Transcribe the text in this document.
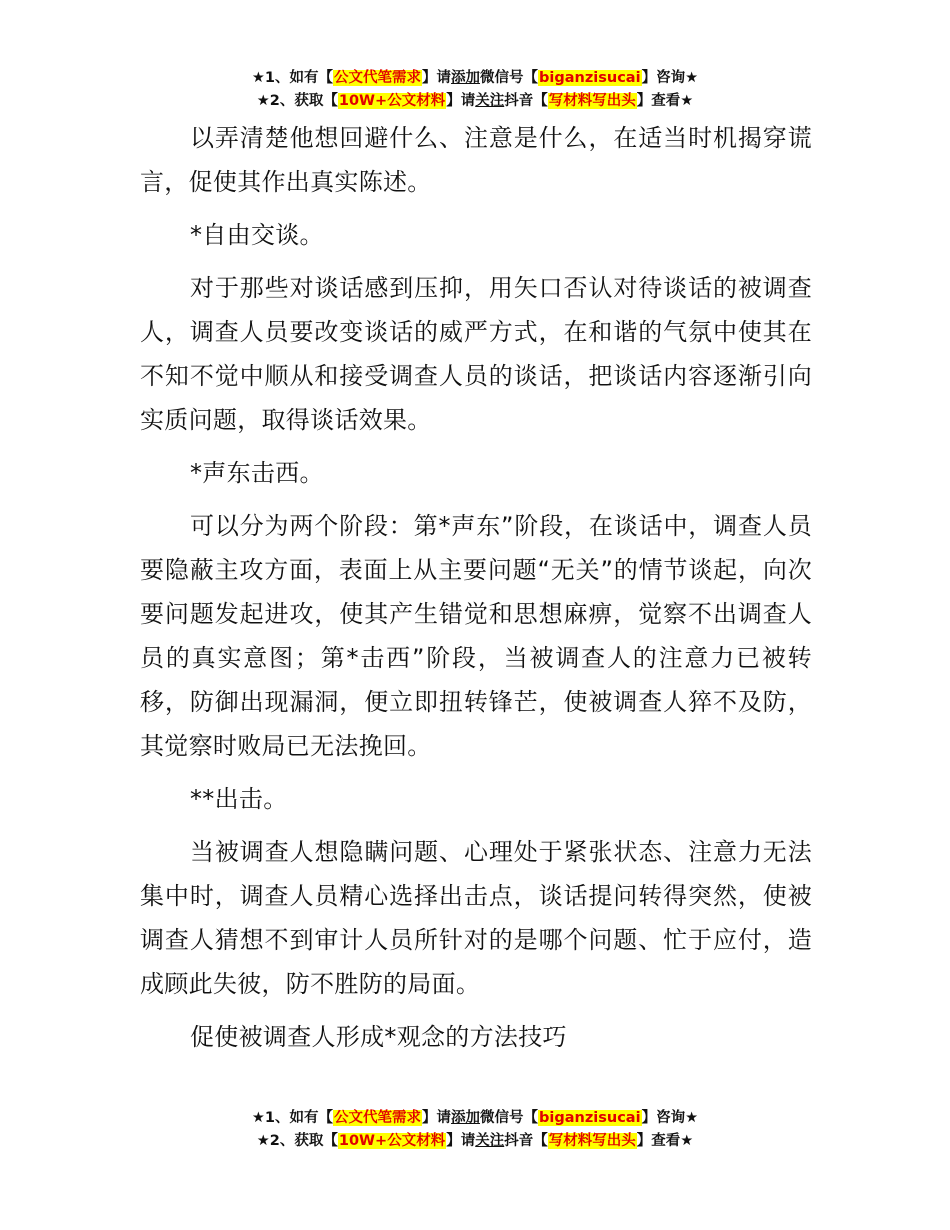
★1、如有【公文代笔需求】请添加微信号【biganzisucai】咨询★
★2、获取【10W+公文材料】请关注抖音【写材料写出头】查看★

以弄清楚他想回避什么、注意是什么，在适当时机揭穿谎言，促使其作出真实陈述。

*自由交谈。

对于那些对谈话感到压抑，用矢口否认对待谈话的被调查人，调查人员要改变谈话的威严方式，在和谐的气氛中使其在不知不觉中顺从和接受调查人员的谈话，把谈话内容逐渐引向实质问题，取得谈话效果。

*声东击西。

可以分为两个阶段：第*声东”阶段，在谈话中，调查人员要隐蔽主攻方面，表面上从主要问题“无关”的情节谈起，向次要问题发起进攻，使其产生错觉和思想麻痹，觉察不出调查人员的真实意图；第*击西”阶段，当被调查人的注意力已被转移，防御出现漏洞，便立即扭转锋芒，使被调查人猝不及防，其觉察时败局已无法挽回。

**出击。

当被调查人想隐瞒问题、心理处于紧张状态、注意力无法集中时，调查人员精心选择出击点，谈话提问转得突然，使被调查人猜想不到审计人员所针对的是哪个问题、忙于应付，造成顾此失彼，防不胜防的局面。

促使被调查人形成*观念的方法技巧

★1、如有【公文代笔需求】请添加微信号【biganzisucai】咨询★
★2、获取【10W+公文材料】请关注抖音【写材料写出头】查看★
